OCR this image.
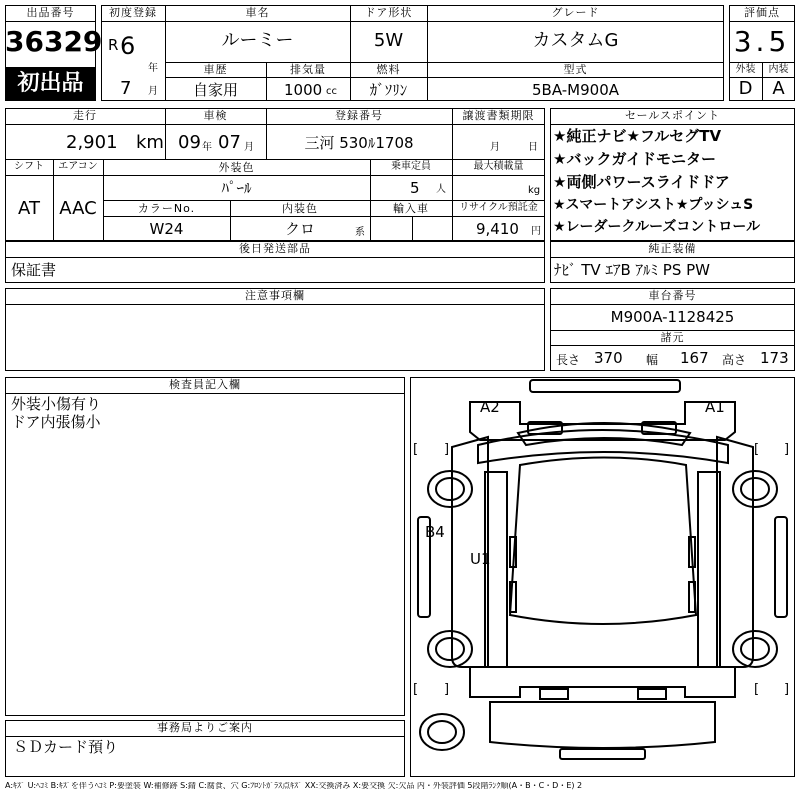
出品番号
36329
初出品
初度登録
R 6
年
7 月
車名
ルーミー
ドア形状
5W
グレード
カスタムG
車歴
自家用
排気量
1000 cc
燃料
ｶﾞｿﾘﾝ
型式
5BA-M900A
評価点
3.5
外装	内装
D	A
走行
2,901 km
車検
09 年 07 月
登録番号
三河 530ﾙ1708
譲渡書類期限
月	日
シフト
AT
エアコン
AAC
外装色
ﾊﾟｰﾙ
乗車定員
5 人
最大積載量
kg
カラーNo.
W24
内装色
クロ	系
輸入車	リサイクル預託金
9,410 円
セールスポイント
★純正ナビ★フルセグTV
★バックガイドモニター
★両側パワースライドドア
★スマートアシスト★プッシュS
★レーダークルーズコントロール
後日発送部品
保証書
純正装備
ﾅﾋﾞ TV ｴｱB ｱﾙﾐ PS PW
注意事項欄	車台番号
M900A-1128425
諸元
長さ 370 幅 167 高さ 173
検査員記入欄
外装小傷有り
ドア内張傷小
事務局よりご案内
ＳＤカード預り
[ ]	[ ]
[ ]	[ ]
A2	A1
B4
U1
A:ｷｽﾞ U:ﾍｺﾐ B:ｷｽﾞを伴うﾍｺﾐ P:要塗装 W:補修跡 S:錆 C:腐食、穴 G:ﾌﾛﾝﾄｶﾞﾗｽ点ｷｽﾞ XX:交換済み X:要交換 欠:欠品 内・外装評価 5段階ﾗﾝｸ順(A・B・C・D・E) 2
